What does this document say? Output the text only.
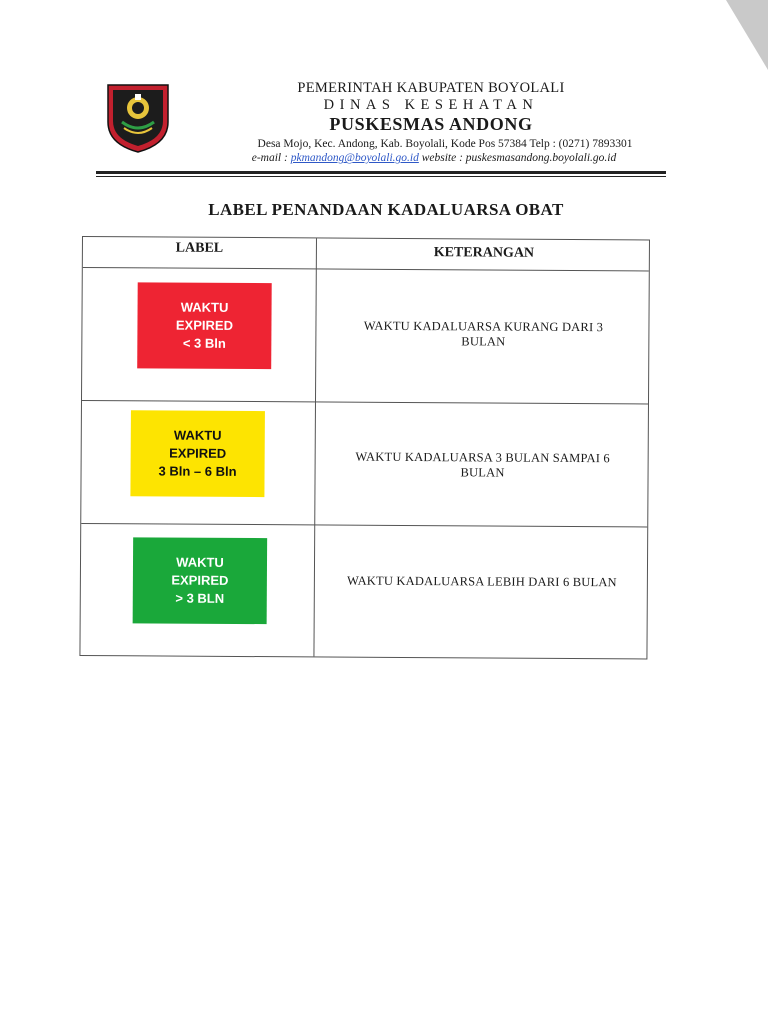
PEMERINTAH KABUPATEN BOYOLALI
DINAS KESEHATAN
PUSKESMAS ANDONG
Desa Mojo, Kec. Andong, Kab. Boyolali, Kode Pos 57384 Telp : (0271) 7893301
e-mail : pkmandong@boyolali.go.id website : puskesmasandong.boyolali.go.id
LABEL PENANDAAN KADALUARSA OBAT
LABEL	KETERANGAN
WAKTU
EXPIRED
< 3 Bln
WAKTU KADALUARSA KURANG DARI 3
BULAN
WAKTU
EXPIRED
3 Bln – 6 Bln
WAKTU KADALUARSA 3 BULAN SAMPAI 6
BULAN
WAKTU
EXPIRED
> 3 BLN
WAKTU KADALUARSA LEBIH DARI 6 BULAN
